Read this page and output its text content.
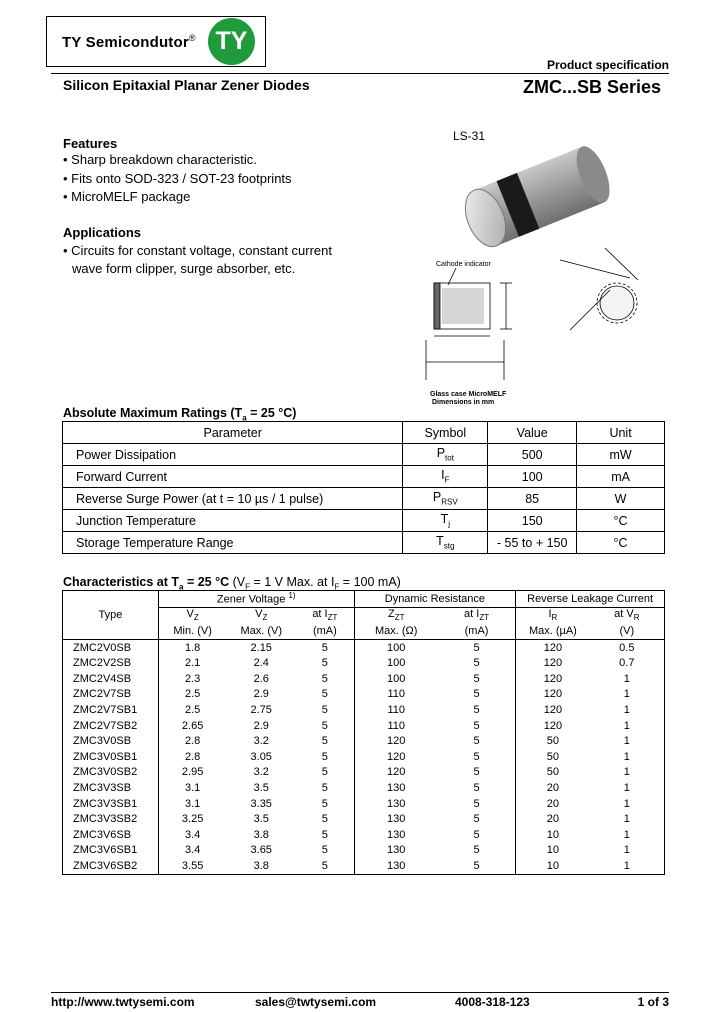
TY Semicondutor® TY
Product specification
Silicon Epitaxial Planar Zener Diodes	ZMC...SB Series
Features
• Sharp breakdown characteristic.
• Fits onto SOD-323 / SOT-23 footprints
• MicroMELF package
Applications
• Circuits for constant voltage, constant current
wave form clipper, surge absorber, etc.
LS-31
Cathode indicator
Glass case MicroMELF
Dimensions in mm
Absolute Maximum Ratings ($T_a = 25$ °C)
Parameter	Symbol	Value	Unit
Power Dissipation	$P_{tot}$	500	mW
Forward Current	$I_F$	100	mA
Reverse Surge Power (at t = 10 µs / 1 pulse)	$P_{RSV}$	85	W
Junction Temperature	$T_j$	150	°C
Storage Temperature Range	$T_{stg}$	- 55 to + 150	°C
Characteristics at $T_a = 25$ °C ($V_F = 1$ V Max. at $I_F = 100$ mA)
Type	Zener Voltage $^{1)}$			Dynamic Resistance		Reverse Leakage Current	
	$V_Z$	$V_Z$	at $I_{ZT}$	$Z_{ZT}$	at $I_{ZT}$	$I_R$	at $V_R$
	Min. (V)	Max. (V)	(mA)	Max. (Ω)	(mA)	Max. (µA)	(V)
ZMC2V0SB	1.8	2.15	5	100	5	120	0.5
ZMC2V2SB	2.1	2.4	5	100	5	120	0.7
ZMC2V4SB	2.3	2.6	5	100	5	120	1
ZMC2V7SB	2.5	2.9	5	110	5	120	1
ZMC2V7SB1	2.5	2.75	5	110	5	120	1
ZMC2V7SB2	2.65	2.9	5	110	5	120	1
ZMC3V0SB	2.8	3.2	5	120	5	50	1
ZMC3V0SB1	2.8	3.05	5	120	5	50	1
ZMC3V0SB2	2.95	3.2	5	120	5	50	1
ZMC3V3SB	3.1	3.5	5	130	5	20	1
ZMC3V3SB1	3.1	3.35	5	130	5	20	1
ZMC3V3SB2	3.25	3.5	5	130	5	20	1
ZMC3V6SB	3.4	3.8	5	130	5	10	1
ZMC3V6SB1	3.4	3.65	5	130	5	10	1
ZMC3V6SB2	3.55	3.8	5	130	5	10	1
http://www.twtysemi.com	sales@twtysemi.com	4008-318-123	1 of 3
